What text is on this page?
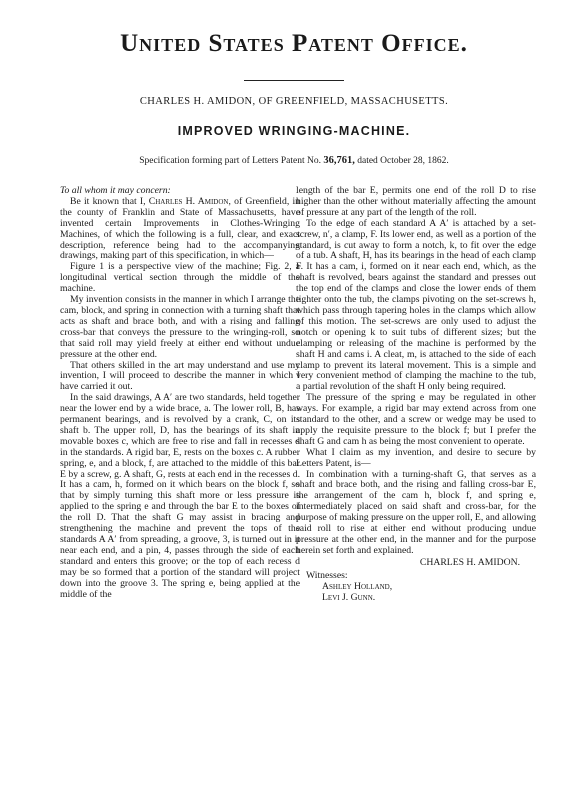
United States Patent Office.
CHARLES H. AMIDON, OF GREENFIELD, MASSACHUSETTS.
IMPROVED WRINGING-MACHINE.
Specification forming part of Letters Patent No. 36,761, dated October 28, 1862.

To all whom it may concern:

Be it known that I, Charles H. Amidon, of Greenfield, in the county of Franklin and State of Massachusetts, have invented certain Improvements in Clothes-Wringing Machines, of which the following is a full, clear, and exact description, reference being had to the accompanying drawings, making part of this specification, in which—

Figure 1 is a perspective view of the machine; Fig. 2, a longitudinal vertical section through the middle of the machine.

My invention consists in the manner in which I arrange the cam, block, and spring in connection with a turning shaft that acts as shaft and brace both, and with a rising and falling cross-bar that conveys the pressure to the wringing-roll, so that said roll may yield freely at either end without undue pressure at the other end.

That others skilled in the art may understand and use my invention, I will proceed to describe the manner in which I have carried it out.

In the said drawings, A A′ are two standards, held together near the lower end by a wide brace, a. The lower roll, B, has permanent bearings, and is revolved by a crank, C, on its shaft b. The upper roll, D, has the bearings of its shaft in movable boxes c, which are free to rise and fall in recesses d in the standards. A rigid bar, E, rests on the boxes c. A rubber spring, e, and a block, f, are attached to the middle of this bar E by a screw, g. A shaft, G, rests at each end in the recesses d. It has a cam, h, formed on it which bears on the block f, so that by simply turning this shaft more or less pressure is applied to the spring e and through the bar E to the boxes of the roll D. That the shaft G may assist in bracing and strengthening the machine and prevent the tops of the standards A A′ from spreading, a groove, 3, is turned out in it near each end, and a pin, 4, passes through the side of each standard and enters this groove; or the top of each recess d may be so formed that a portion of the standard will project down into the groove 3. The spring e, being applied at the middle of the

length of the bar E, permits one end of the roll D to rise higher than the other without materially affecting the amount of pressure at any part of the length of the roll.

To the edge of each standard A A′ is attached by a set-screw, n′, a clamp, F. Its lower end, as well as a portion of the standard, is cut away to form a notch, k, to fit over the edge of a tub. A shaft, H, has its bearings in the head of each clamp F. It has a cam, i, formed on it near each end, which, as the shaft is revolved, bears against the standard and presses out the top end of the clamps and close the lower ends of them tighter onto the tub, the clamps pivoting on the set-screws h, which pass through tapering holes in the clamps which allow of this motion. The set-screws are only used to adjust the notch or opening k to suit tubs of different sizes; but the clamping or releasing of the machine is performed by the shaft H and cams i. A cleat, m, is attached to the side of each clamp to prevent its lateral movement. This is a simple and very convenient method of clamping the machine to the tub, a partial revolution of the shaft H only being required.

The pressure of the spring e may be regulated in other ways. For example, a rigid bar may extend across from one standard to the other, and a screw or wedge may be used to apply the requisite pressure to the block f; but I prefer the shaft G and cam h as being the most convenient to operate.

What I claim as my invention, and desire to secure by Letters Patent, is—

In combination with a turning-shaft G, that serves as a shaft and brace both, and the rising and falling cross-bar E, the arrangement of the cam h, block f, and spring e, intermediately placed on said shaft and cross-bar, for the purpose of making pressure on the upper roll, E, and allowing said roll to rise at either end without producing undue pressure at the other end, in the manner and for the purpose herein set forth and explained.

CHARLES H. AMIDON.
Witnesses:
Ashley Holland,
Levi J. Gunn.
